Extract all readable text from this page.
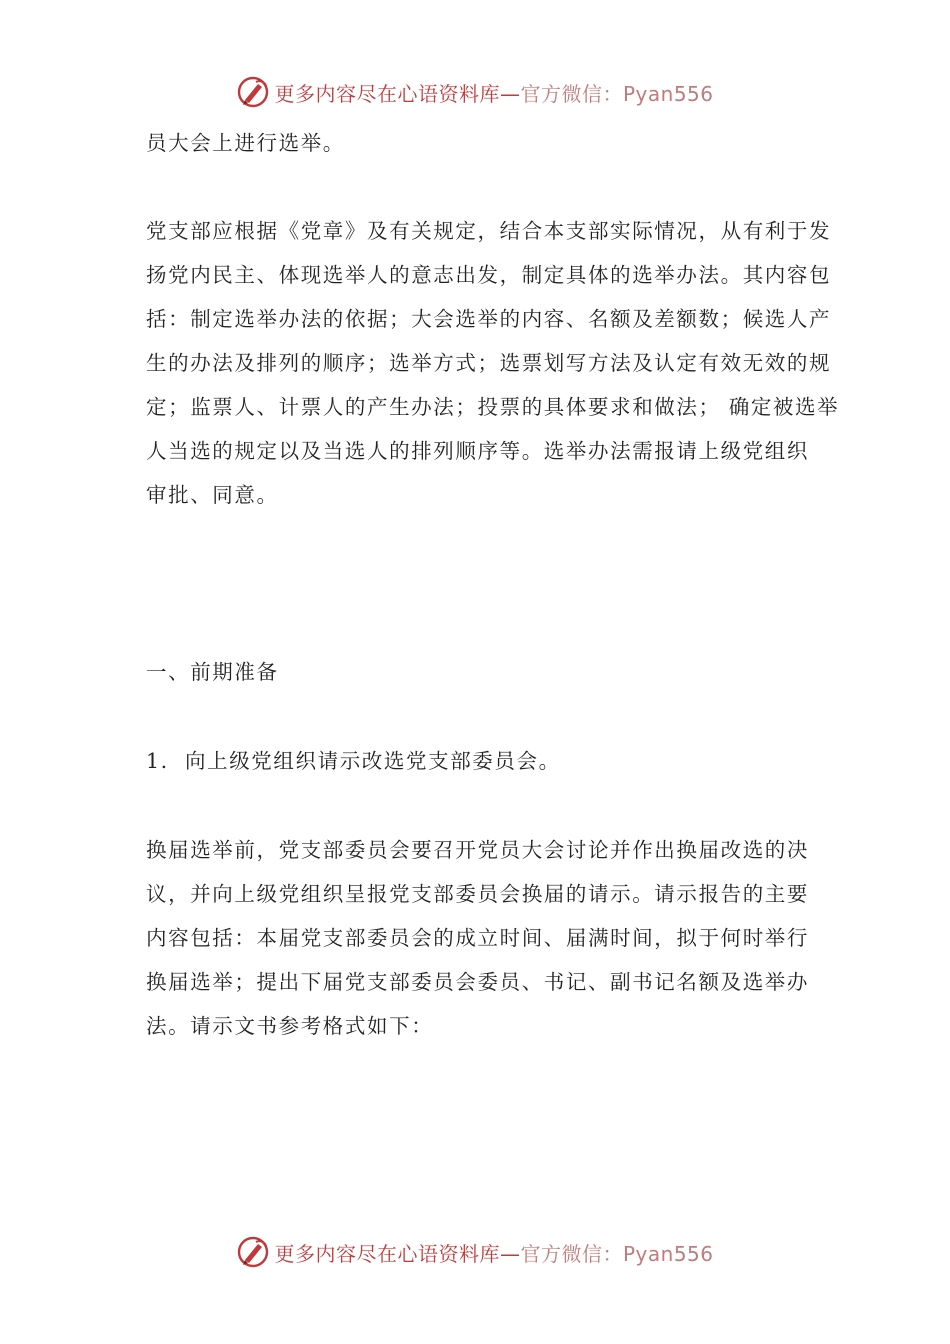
更多内容尽在心语资料库—官方微信：Pyan556

员大会上进行选举。

党支部应根据《党章》及有关规定，结合本支部实际情况，从有利于发
扬党内民主、体现选举人的意志出发，制定具体的选举办法。其内容包
括：制定选举办法的依据；大会选举的内容、名额及差额数；候选人产
生的办法及排列的顺序；选举方式；选票划写方法及认定有效无效的规
定；监票人、计票人的产生办法；投票的具体要求和做法； 确定被选举
人当选的规定以及当选人的排列顺序等。选举办法需报请上级党组织
审批、同意。

一、前期准备

1.  向上级党组织请示改选党支部委员会。

换届选举前，党支部委员会要召开党员大会讨论并作出换届改选的决
议，并向上级党组织呈报党支部委员会换届的请示。请示报告的主要
内容包括：本届党支部委员会的成立时间、届满时间，拟于何时举行
换届选举；提出下届党支部委员会委员、书记、副书记名额及选举办
法。请示文书参考格式如下：

更多内容尽在心语资料库—官方微信：Pyan556
